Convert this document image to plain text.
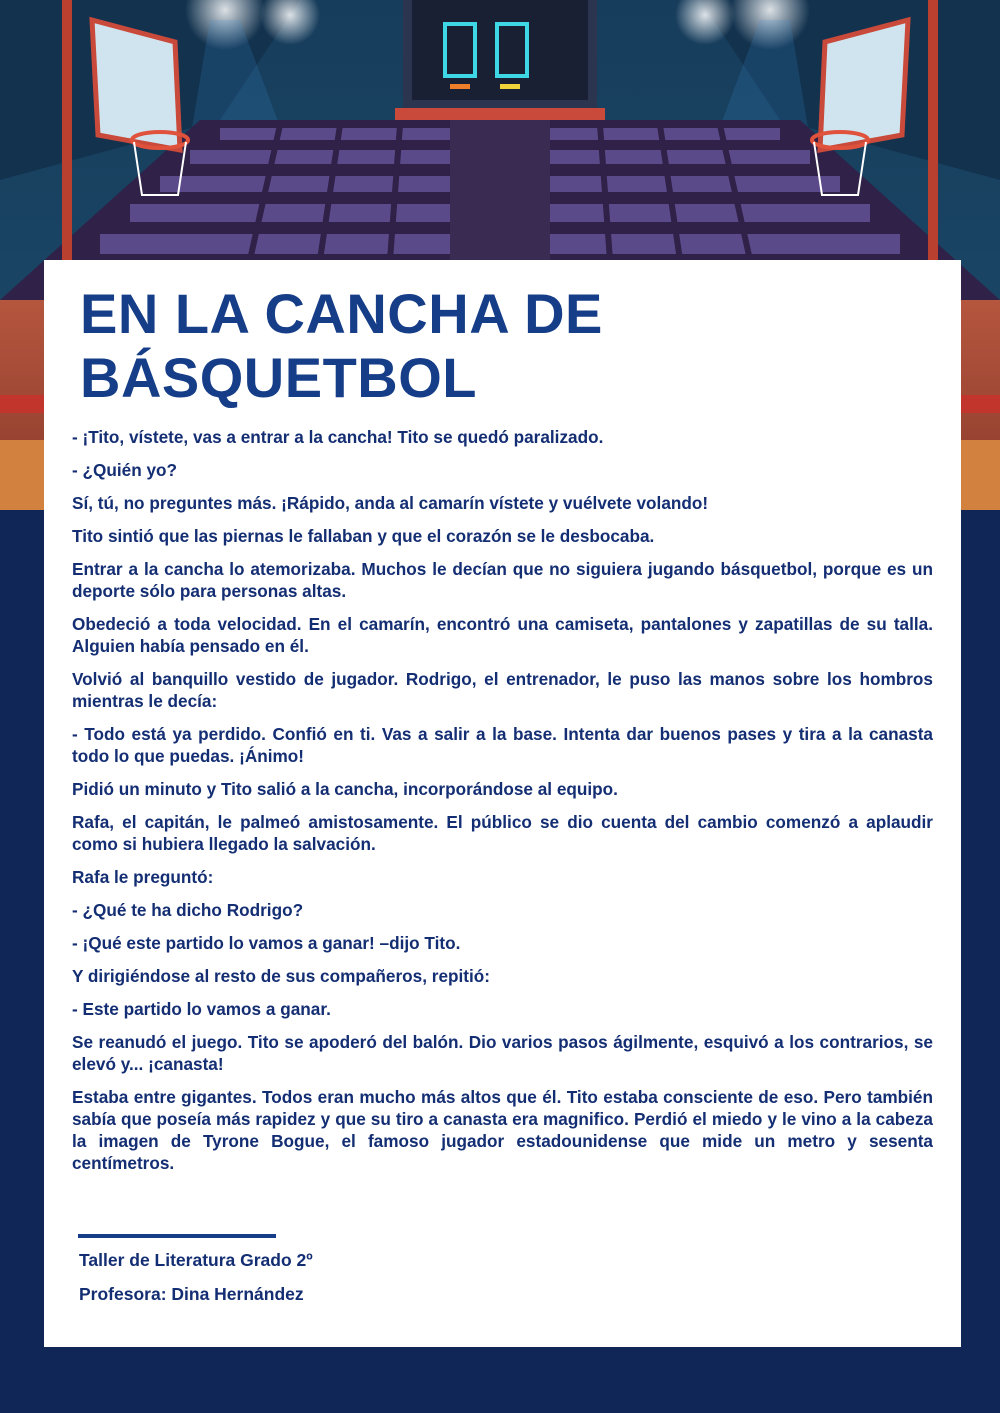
EN LA CANCHA DE
BÁSQUETBOL

- ¡Tito, vístete, vas a entrar a la cancha! Tito se quedó paralizado.

- ¿Quién yo?

Sí, tú, no preguntes más. ¡Rápido, anda al camarín vístete y vuélvete volando!

Tito sintió que las piernas le fallaban y que el corazón se le desbocaba.

Entrar a la cancha lo atemorizaba. Muchos le decían que no siguiera jugando básquetbol, porque es un deporte sólo para personas altas.

Obedeció a toda velocidad. En el camarín, encontró una camiseta, pantalones y zapatillas de su talla. Alguien había pensado en él.

Volvió al banquillo vestido de jugador. Rodrigo, el entrenador, le puso las manos sobre los hombros mientras le decía:

- Todo está ya perdido. Confió en ti. Vas a salir a la base. Intenta dar buenos pases y tira a la canasta todo lo que puedas. ¡Ánimo!

Pidió un minuto y Tito salió a la cancha, incorporándose al equipo.

Rafa, el capitán, le palmeó amistosamente. El público se dio cuenta del cambio comenzó a aplaudir como si hubiera llegado la salvación.

Rafa le preguntó:

- ¿Qué te ha dicho Rodrigo?

- ¡Qué este partido lo vamos a ganar! –dijo Tito.

Y dirigiéndose al resto de sus compañeros, repitió:

- Este partido lo vamos a ganar.

Se reanudó el juego. Tito se apoderó del balón. Dio varios pasos ágilmente, esquivó a los contrarios, se elevó y... ¡canasta!

Estaba entre gigantes. Todos eran mucho más altos que él. Tito estaba consciente de eso. Pero también sabía que poseía más rapidez y que su tiro a canasta era magnifico. Perdió el miedo y le vino a la cabeza la imagen de Tyrone Bogue, el famoso jugador estadounidense que mide un metro y sesenta centímetros.

Taller de Literatura Grado 2º
Profesora: Dina Hernández
